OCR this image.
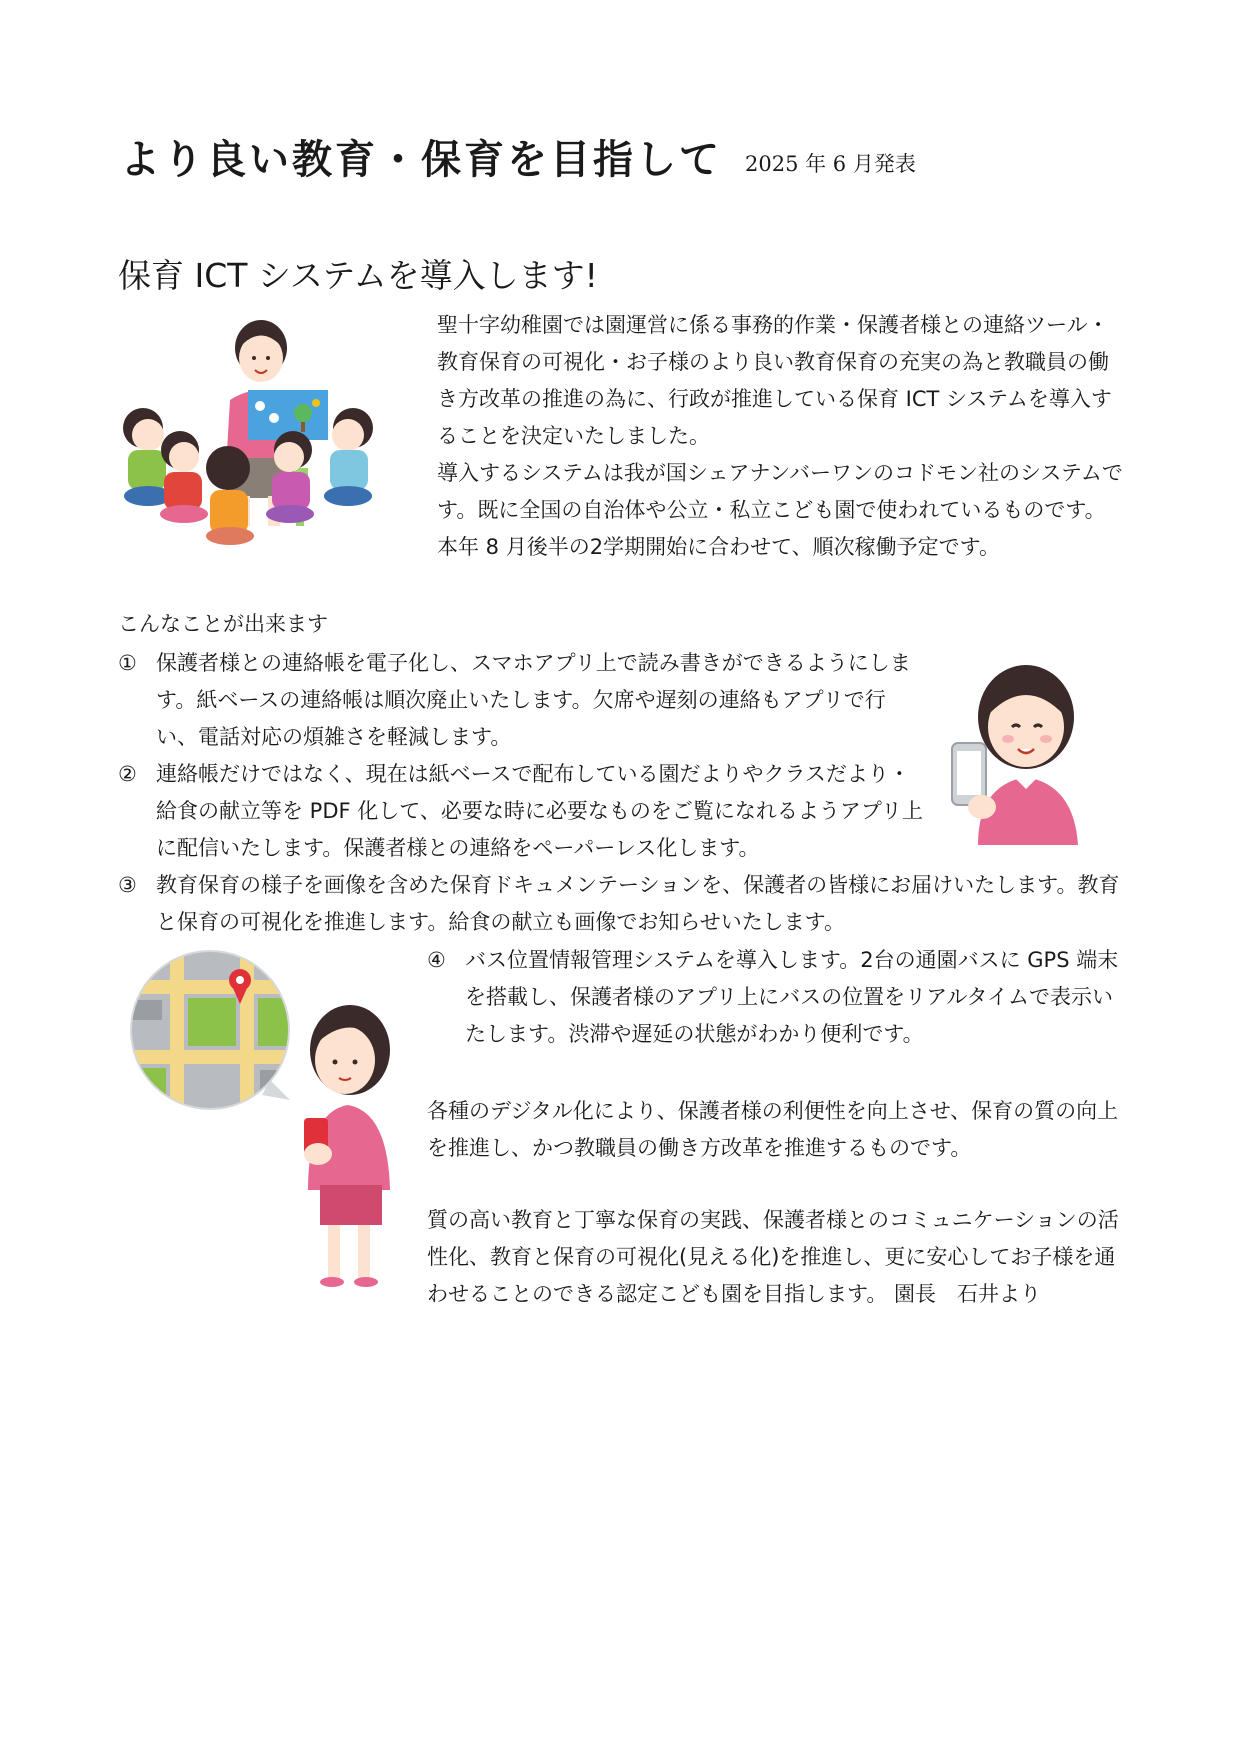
より良い教育・保育を目指して 2025 年 6 月発表
保育 ICT システムを導入します!

聖十字幼稚園では園運営に係る事務的作業・保護者様との連絡ツール・教育保育の可視化・お子様のより良い教育保育の充実の為と教職員の働き方改革の推進の為に、行政が推進している保育 ICT システムを導入することを決定いたしました。

導入するシステムは我が国シェアナンバーワンのコドモン社のシステムです。既に全国の自治体や公立・私立こども園で使われているものです。

本年 8 月後半の2学期開始に合わせて、順次稼働予定です。

こんなことが出来ます
① 保護者様との連絡帳を電子化し、スマホアプリ上で読み書きができるようにします。紙ベースの連絡帳は順次廃止いたします。欠席や遅刻の連絡もアプリで行い、電話対応の煩雑さを軽減します。
② 連絡帳だけではなく、現在は紙ベースで配布している園だよりやクラスだより・給食の献立等を PDF 化して、必要な時に必要なものをご覧になれるようアプリ上に配信いたします。保護者様との連絡をペーパーレス化します。
③ 教育保育の様子を画像を含めた保育ドキュメンテーションを、保護者の皆様にお届けいたします。教育と保育の可視化を推進します。給食の献立も画像でお知らせいたします。
④ バス位置情報管理システムを導入します。2台の通園バスに GPS 端末を搭載し、保護者様のアプリ上にバスの位置をリアルタイムで表示いたします。渋滞や遅延の状態がわかり便利です。
各種のデジタル化により、保護者様の利便性を向上させ、保育の質の向上を推進し、かつ教職員の働き方改革を推進するものです。
質の高い教育と丁寧な保育の実践、保護者様とのコミュニケーションの活性化、教育と保育の可視化(見える化)を推進し、更に安心してお子様を通わせることのできる認定こども園を目指します。 園長　石井より
